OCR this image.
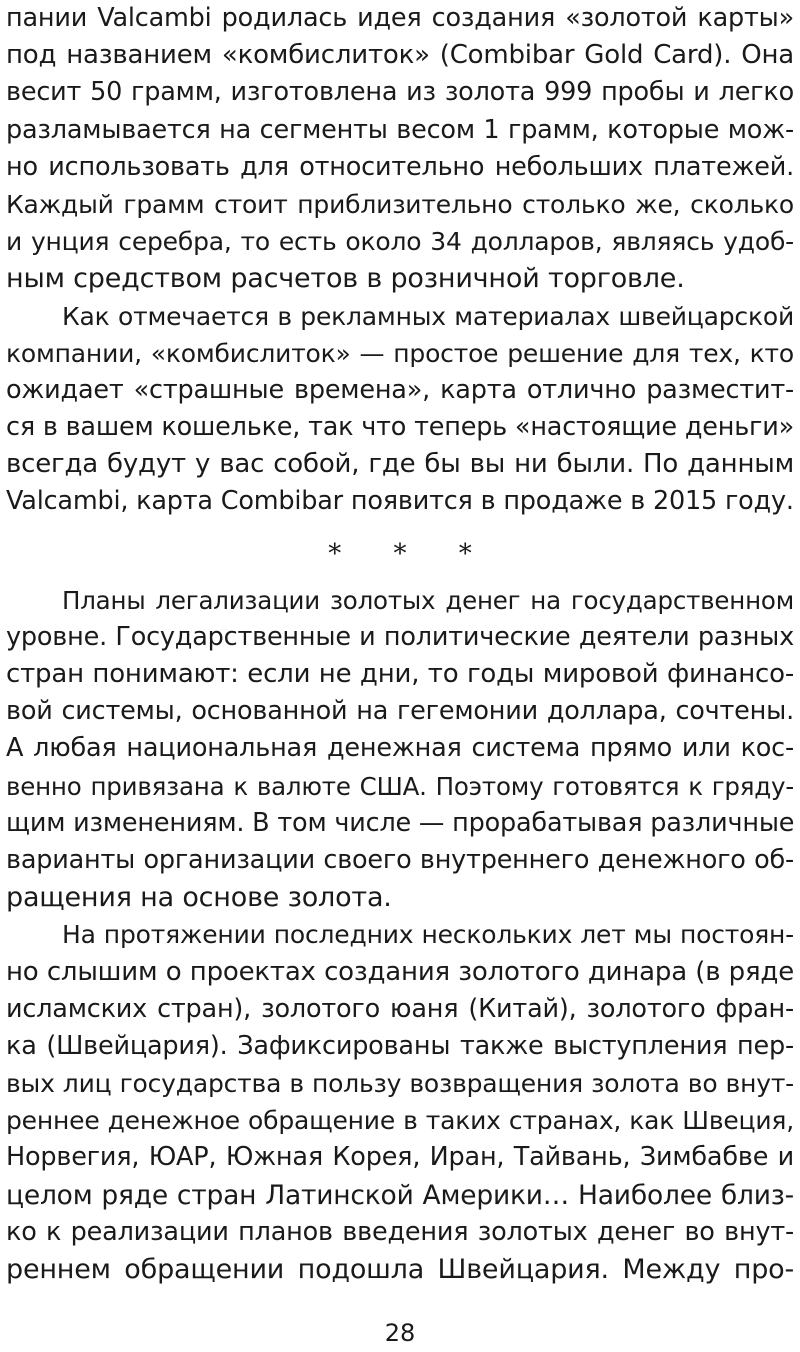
пании Valcambi родилась идея создания «золотой карты»
под названием «комбислиток» (Combibar Gold Card). Она
весит 50 грамм, изготовлена из золота 999 пробы и легко
разламывается на сегменты весом 1 грамм, которые мож-
но использовать для относительно небольших платежей.
Каждый грамм стоит приблизительно столько же, сколько
и унция серебра, то есть около 34 долларов, являясь удоб-
ным средством расчетов в розничной торговле.
Как отмечается в рекламных материалах швейцарской
компании, «комбислиток» — простое решение для тех, кто
ожидает «страшные времена», карта отлично разместит-
ся в вашем кошельке, так что теперь «настоящие деньги»
всегда будут у вас собой, где бы вы ни были. По данным
Valcambi, карта Combibar появится в продаже в 2015 году.
* * *
Планы легализации золотых денег на государственном
уровне. Государственные и политические деятели разных
стран понимают: если не дни, то годы мировой финансо-
вой системы, основанной на гегемонии доллара, сочтены.
А любая национальная денежная система прямо или кос-
венно привязана к валюте США. Поэтому готовятся к гряду-
щим изменениям. В том числе — прорабатывая различные
варианты организации своего внутреннего денежного об-
ращения на основе золота.
На протяжении последних нескольких лет мы постоян-
но слышим о проектах создания золотого динара (в ряде
исламских стран), золотого юаня (Китай), золотого фран-
ка (Швейцария). Зафиксированы также выступления пер-
вых лиц государства в пользу возвращения золота во внут-
реннее денежное обращение в таких странах, как Швеция,
Норвегия, ЮАР, Южная Корея, Иран, Тайвань, Зимбабве и
целом ряде стран Латинской Америки… Наиболее близ-
ко к реализации планов введения золотых денег во внут-
реннем обращении подошла Швейцария. Между про-
28
